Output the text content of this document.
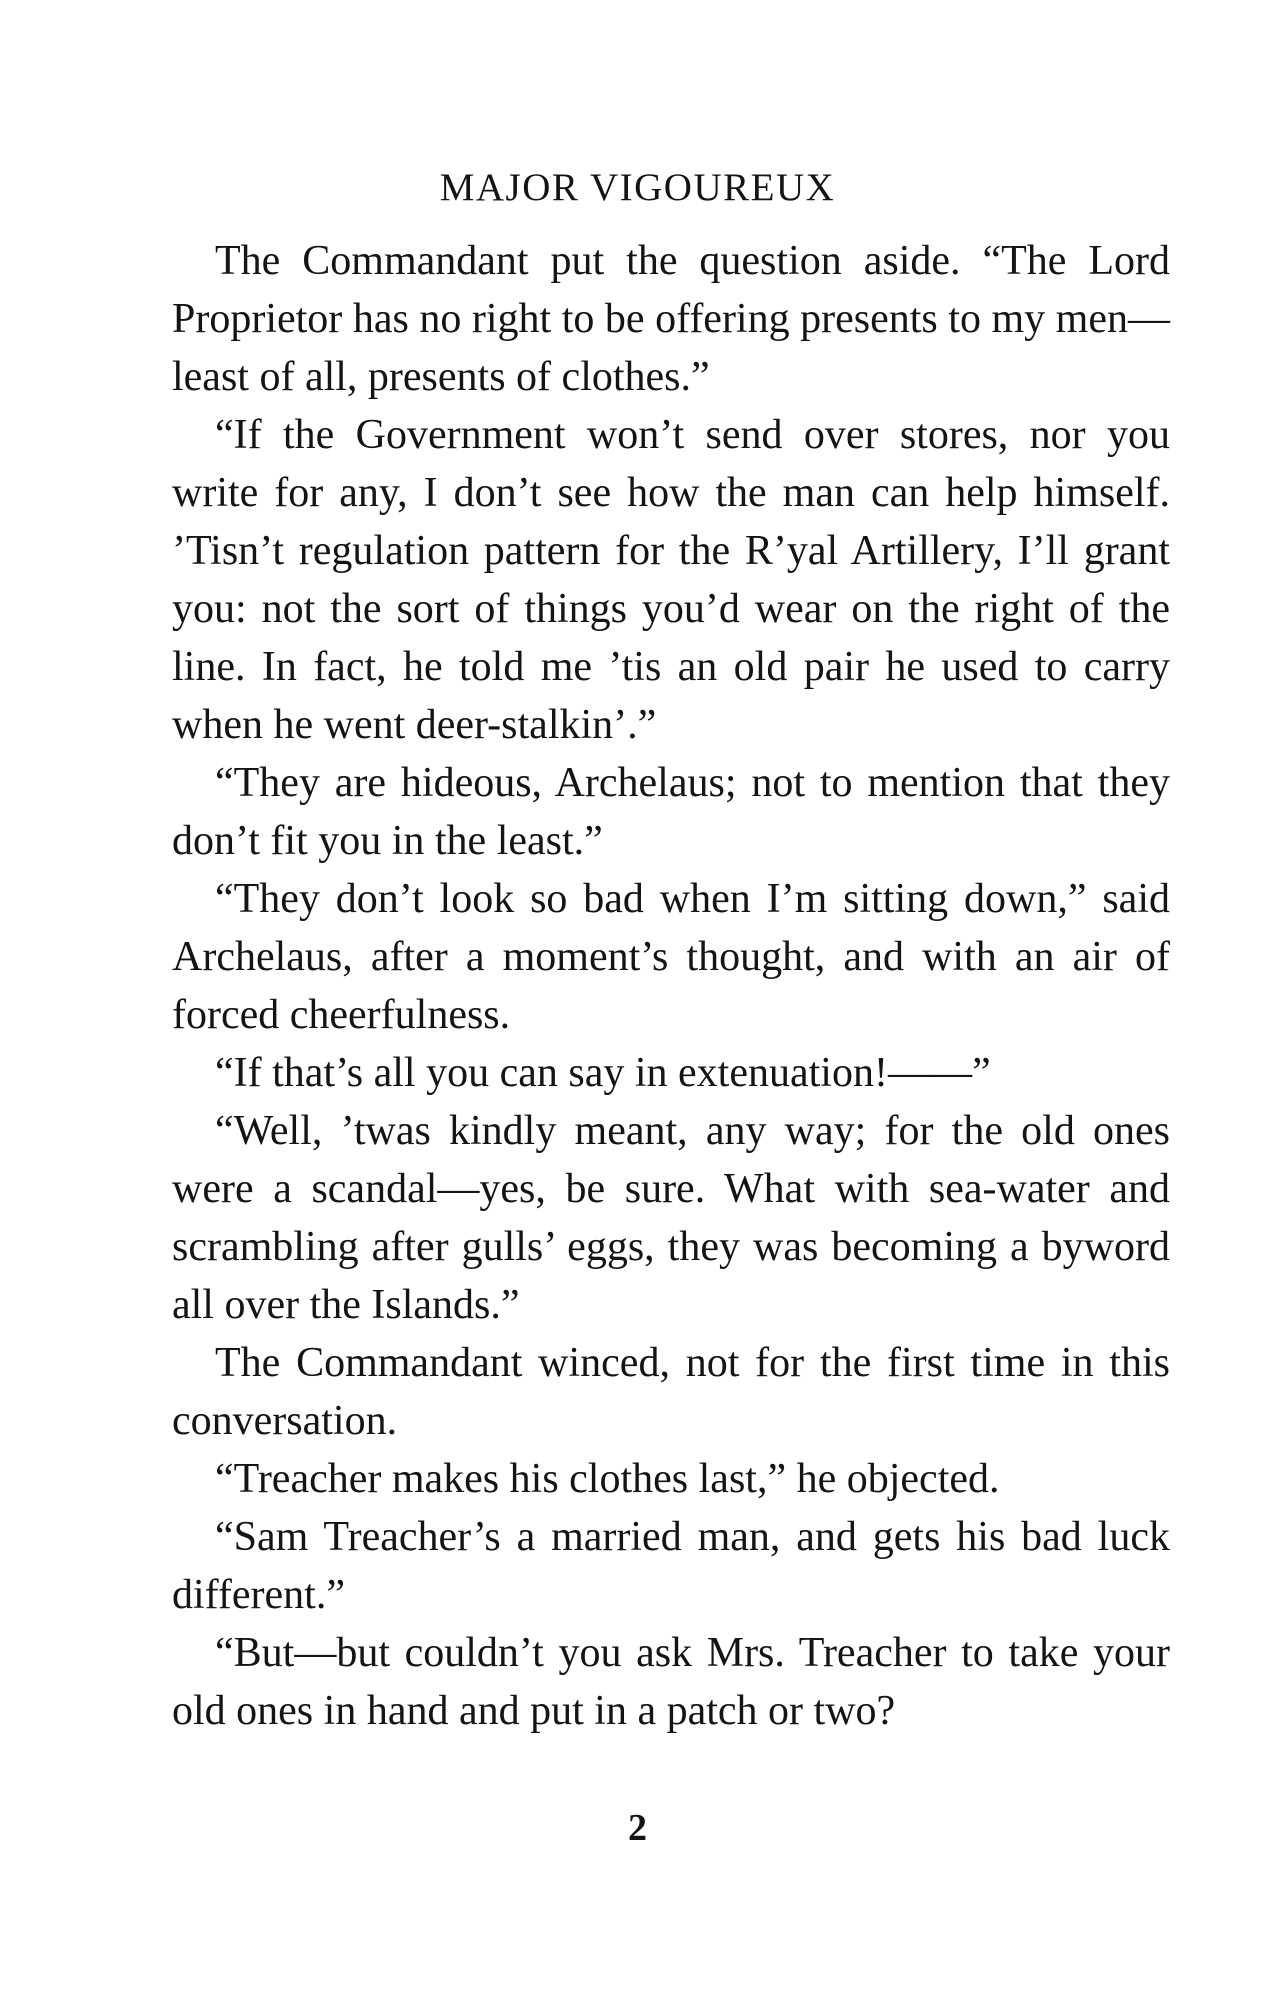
MAJOR VIGOUREUX

The Commandant put the question aside. “The Lord Proprietor has no right to be offering presents to my men—least of all, presents of clothes.”

“If the Government won’t send over stores, nor you write for any, I don’t see how the man can help himself. ’Tisn’t regulation pattern for the R’yal Artillery, I’ll grant you: not the sort of things you’d wear on the right of the line. In fact, he told me ’tis an old pair he used to carry when he went deer-stalkin’.”

“They are hideous, Archelaus; not to mention that they don’t fit you in the least.”

“They don’t look so bad when I’m sitting down,” said Archelaus, after a moment’s thought, and with an air of forced cheerfulness.

“If that’s all you can say in extenuation!——”

“Well, ’twas kindly meant, any way; for the old ones were a scandal—yes, be sure. What with sea-water and scrambling after gulls’ eggs, they was becoming a byword all over the Islands.”

The Commandant winced, not for the first time in this conversation.

“Treacher makes his clothes last,” he objected.

“Sam Treacher’s a married man, and gets his bad luck different.”

“But—but couldn’t you ask Mrs. Treacher to take your old ones in hand and put in a patch or two?

2
